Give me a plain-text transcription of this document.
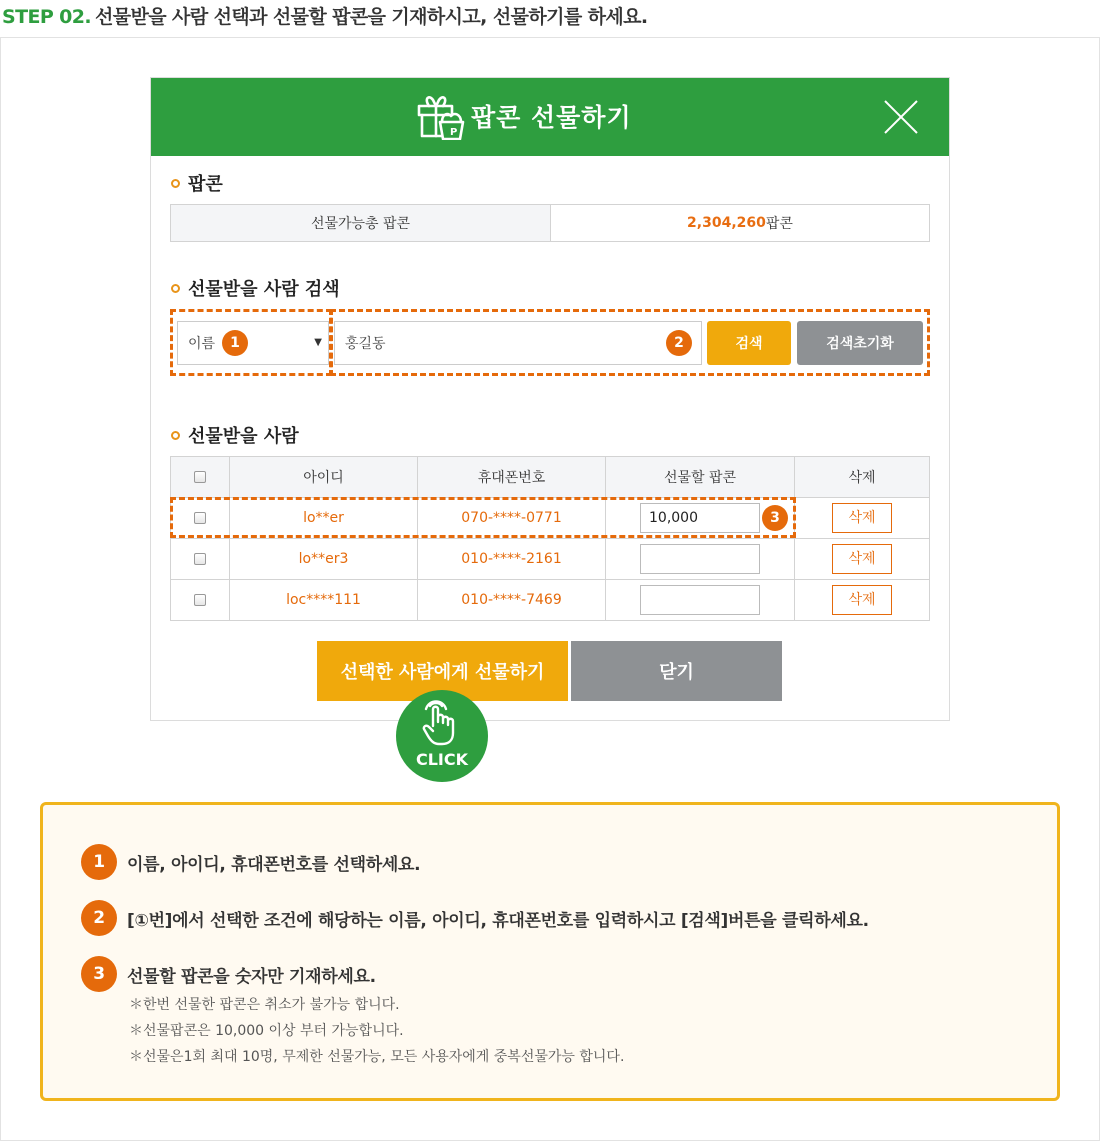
STEP 02. 선물받을 사람 선택과 선물할 팝콘을 기재하시고, 선물하기를 하세요.
P
팝콘 선물하기
팝콘
선물가능총 팝콘	2,304,260 팝콘
선물받을 사람 검색
이름	▼ 홍길동	검색	검색초기화
1	2
선물받을 사람
	아이디	휴대폰번호	선물할 팝콘	삭제
	lo**er	070-****-0771	10,000	삭제
	lo**er3	010-****-2161		삭제
	loc****111	010-****-7469		삭제
3
선택한 사람에게 선물하기	닫기
CLICK
1	이름, 아이디, 휴대폰번호를 선택하세요.
2	[①번]에서 선택한 조건에 해당하는 이름, 아이디, 휴대폰번호를 입력하시고 [검색]버튼을 클릭하세요.
3	선물할 팝콘을 숫자만 기재하세요.
＊한번 선물한 팝콘은 취소가 불가능 합니다.
＊선물팝콘은 10,000 이상 부터 가능합니다.
＊선물은1회 최대 10명, 무제한 선물가능, 모든 사용자에게 중복선물가능 합니다.
